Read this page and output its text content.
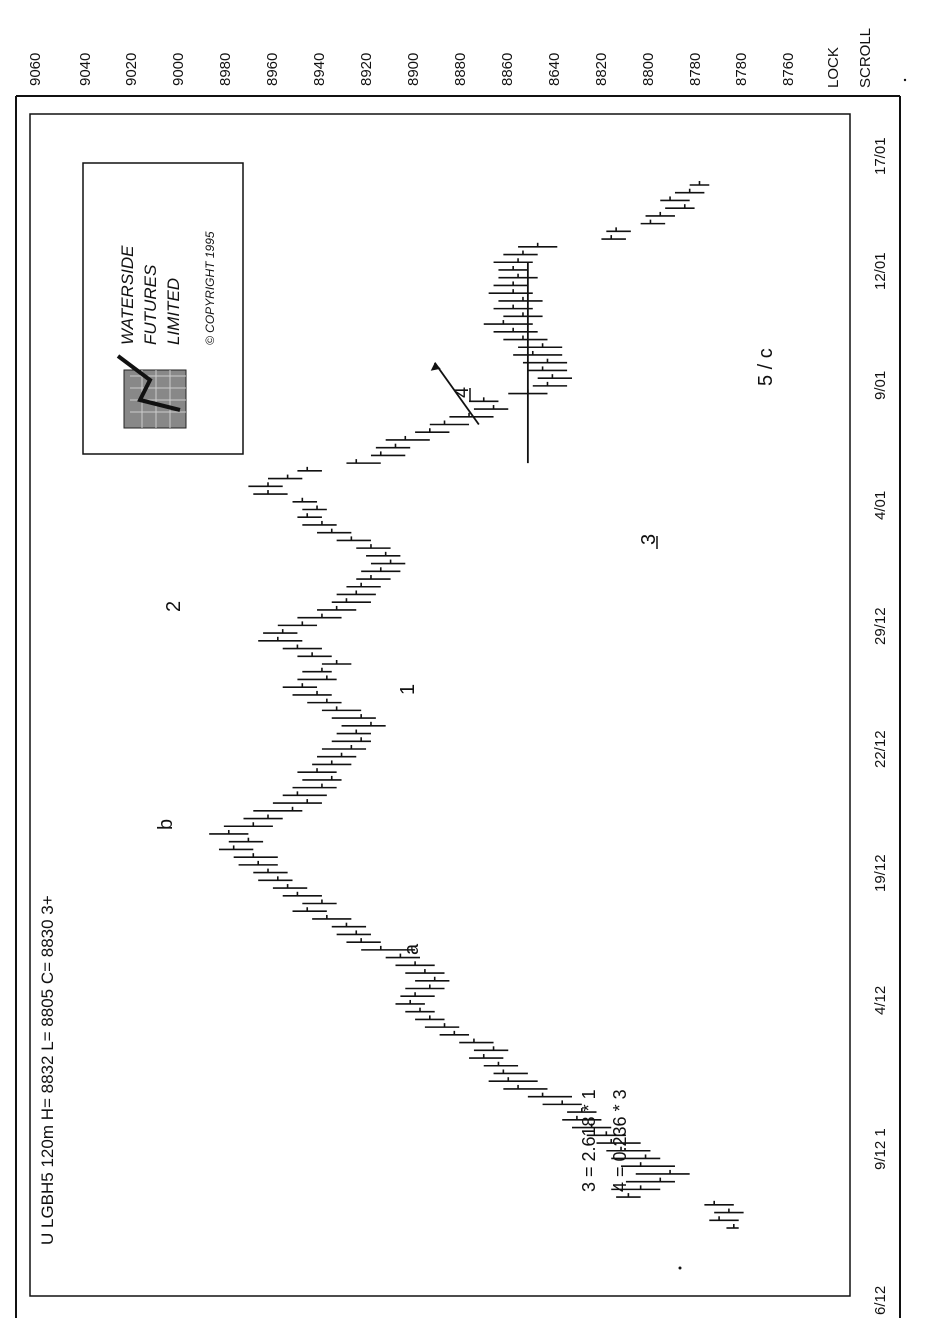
U LGBH5 120m H= 8832 L= 8805 C= 8830 3+
9060 9040 9020 9000 8980 8960 8940 8920 8900 8880 8860 8640 8820 8800 8780 8780 8760 LOCK SCROLL
6/12
9/12 1
4/12
19/12
22/12
29/12
4/01
9/01
12/01
17/01
WATERSIDE FUTURES LIMITED © COPYRIGHT 1995
a
b
1
2
3
4
5 / c
3 = 2.618 * 1 4 = 0.236 * 3
